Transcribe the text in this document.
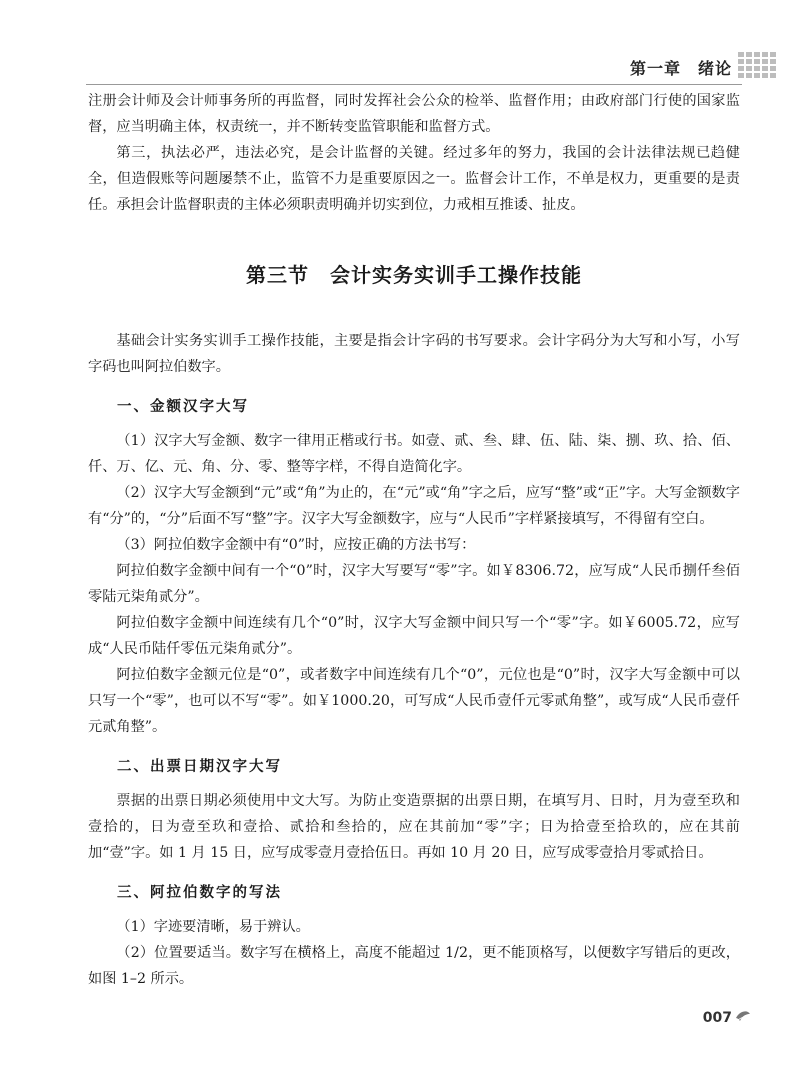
第一章　绪论

注册会计师及会计师事务所的再监督，同时发挥社会公众的检举、监督作用；由政府部门行使的国家监督，应当明确主体，权责统一，并不断转变监管职能和监督方式。

第三，执法必严，违法必究，是会计监督的关键。经过多年的努力，我国的会计法律法规已趋健全，但造假账等问题屡禁不止，监管不力是重要原因之一。监督会计工作，不单是权力，更重要的是责任。承担会计监督职责的主体必须职责明确并切实到位，力戒相互推诿、扯皮。

第三节　会计实务实训手工操作技能

基础会计实务实训手工操作技能，主要是指会计字码的书写要求。会计字码分为大写和小写，小写字码也叫阿拉伯数字。

一、金额汉字大写

（1）汉字大写金额、数字一律用正楷或行书。如壹、贰、叁、肆、伍、陆、柒、捌、玖、拾、佰、仟、万、亿、元、角、分、零、整等字样，不得自造简化字。

（2）汉字大写金额到“元”或“角”为止的，在“元”或“角”字之后，应写“整”或“正”字。大写金额数字有“分”的，“分”后面不写“整”字。汉字大写金额数字，应与“人民币”字样紧接填写，不得留有空白。

（3）阿拉伯数字金额中有“0”时，应按正确的方法书写：

阿拉伯数字金额中间有一个“0”时，汉字大写要写“零”字。如￥8306.72，应写成“人民币捌仟叁佰零陆元柒角贰分”。

阿拉伯数字金额中间连续有几个“0”时，汉字大写金额中间只写一个“零”字。如￥6005.72，应写成“人民币陆仟零伍元柒角贰分”。

阿拉伯数字金额元位是“0”，或者数字中间连续有几个“0”，元位也是“0”时，汉字大写金额中可以只写一个“零”，也可以不写“零”。如￥1000.20，可写成“人民币壹仟元零贰角整”，或写成“人民币壹仟元贰角整”。

二、出票日期汉字大写

票据的出票日期必须使用中文大写。为防止变造票据的出票日期，在填写月、日时，月为壹至玖和壹拾的，日为壹至玖和壹拾、贰拾和叁拾的，应在其前加“零”字；日为拾壹至拾玖的，应在其前加“壹”字。如 1 月 15 日，应写成零壹月壹拾伍日。再如 10 月 20 日，应写成零壹拾月零贰拾日。

三、阿拉伯数字的写法

（1）字迹要清晰，易于辨认。

（2）位置要适当。数字写在横格上，高度不能超过 1/2，更不能顶格写，以便数字写错后的更改，如图 1–2 所示。

007
